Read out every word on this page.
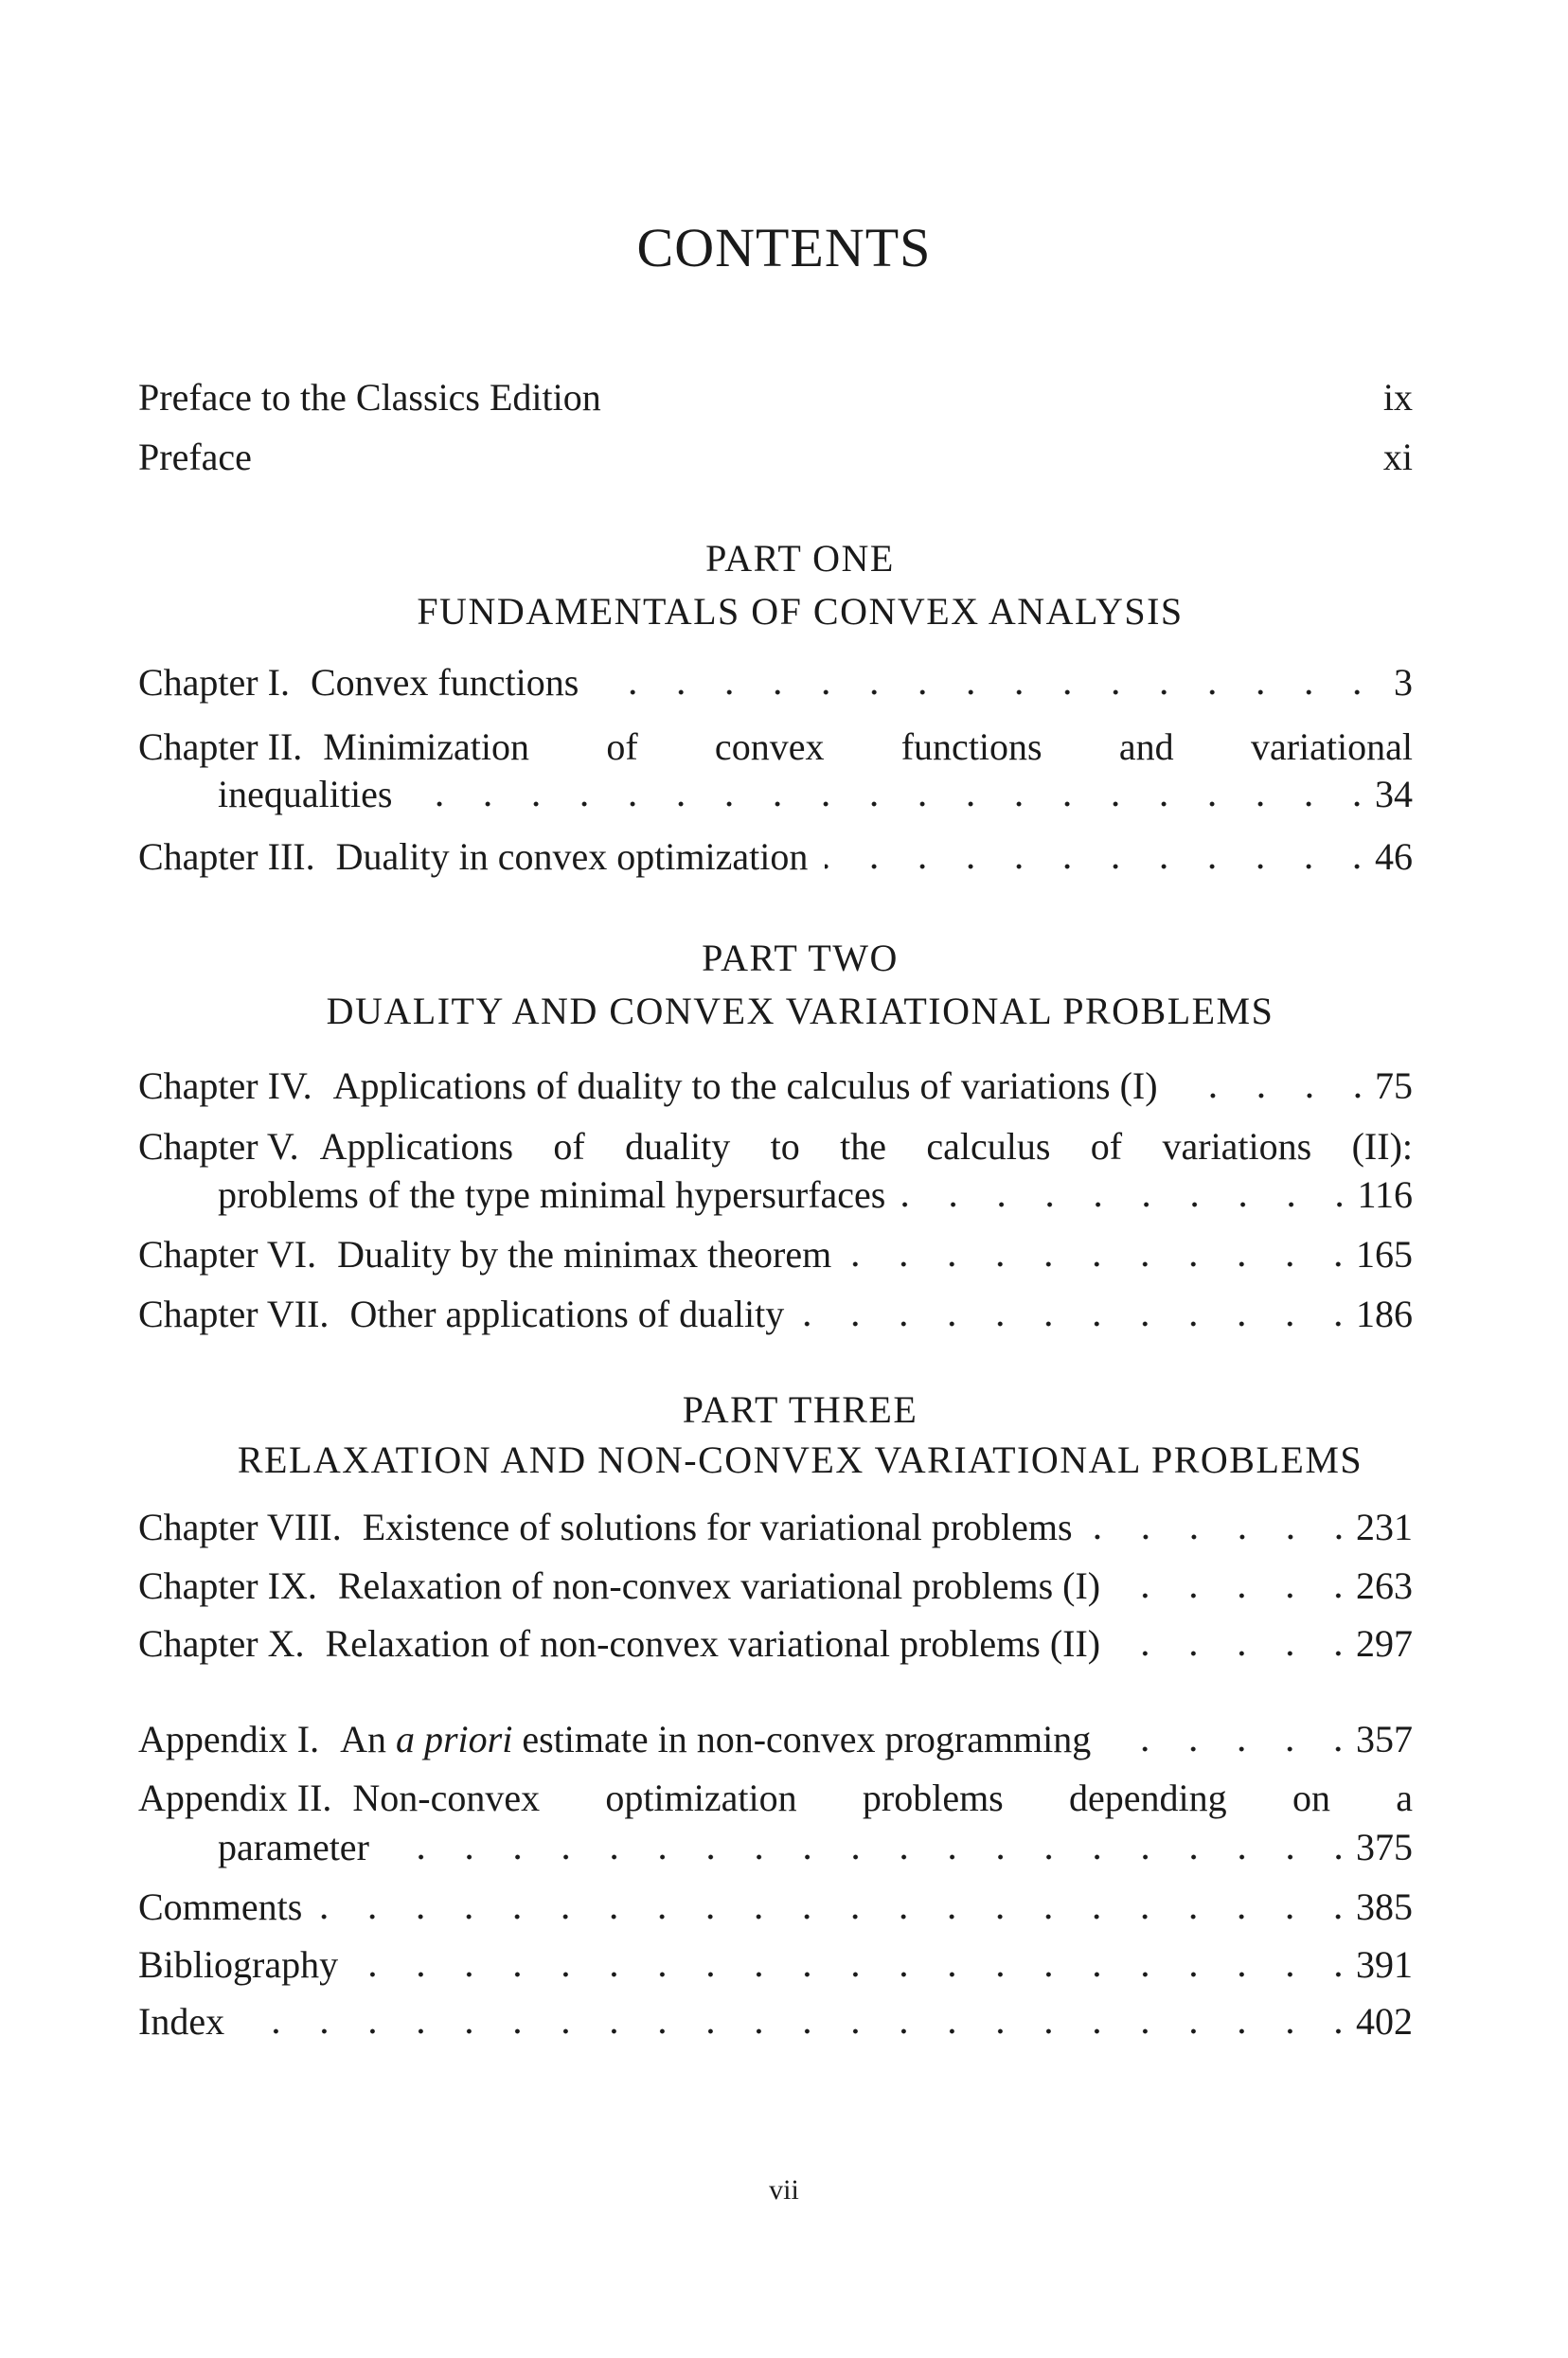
CONTENTS
Preface to the Classics Edition	ix
Preface	xi
PART ONE
FUNDAMENTALS OF CONVEX ANALYSIS
Chapter I. Convex functions	3
Chapter II. Minimization of convex functions and variational
inequalities	34
Chapter III. Duality in convex optimization	46
PART TWO
DUALITY AND CONVEX VARIATIONAL PROBLEMS
Chapter IV. Applications of duality to the calculus of variations (I)	75
Chapter V. Applications of duality to the calculus of variations (II):
problems of the type minimal hypersurfaces	116
Chapter VI. Duality by the minimax theorem	165
Chapter VII. Other applications of duality	186
PART THREE
RELAXATION AND NON-CONVEX VARIATIONAL PROBLEMS
Chapter VIII. Existence of solutions for variational problems	231
Chapter IX. Relaxation of non-convex variational problems (I)	263
Chapter X. Relaxation of non-convex variational problems (II)	297
Appendix I. An a priori estimate in non-convex programming	357
Appendix II. Non-convex optimization problems depending on a
parameter	375
Comments	385
Bibliography	391
Index	402
vii
